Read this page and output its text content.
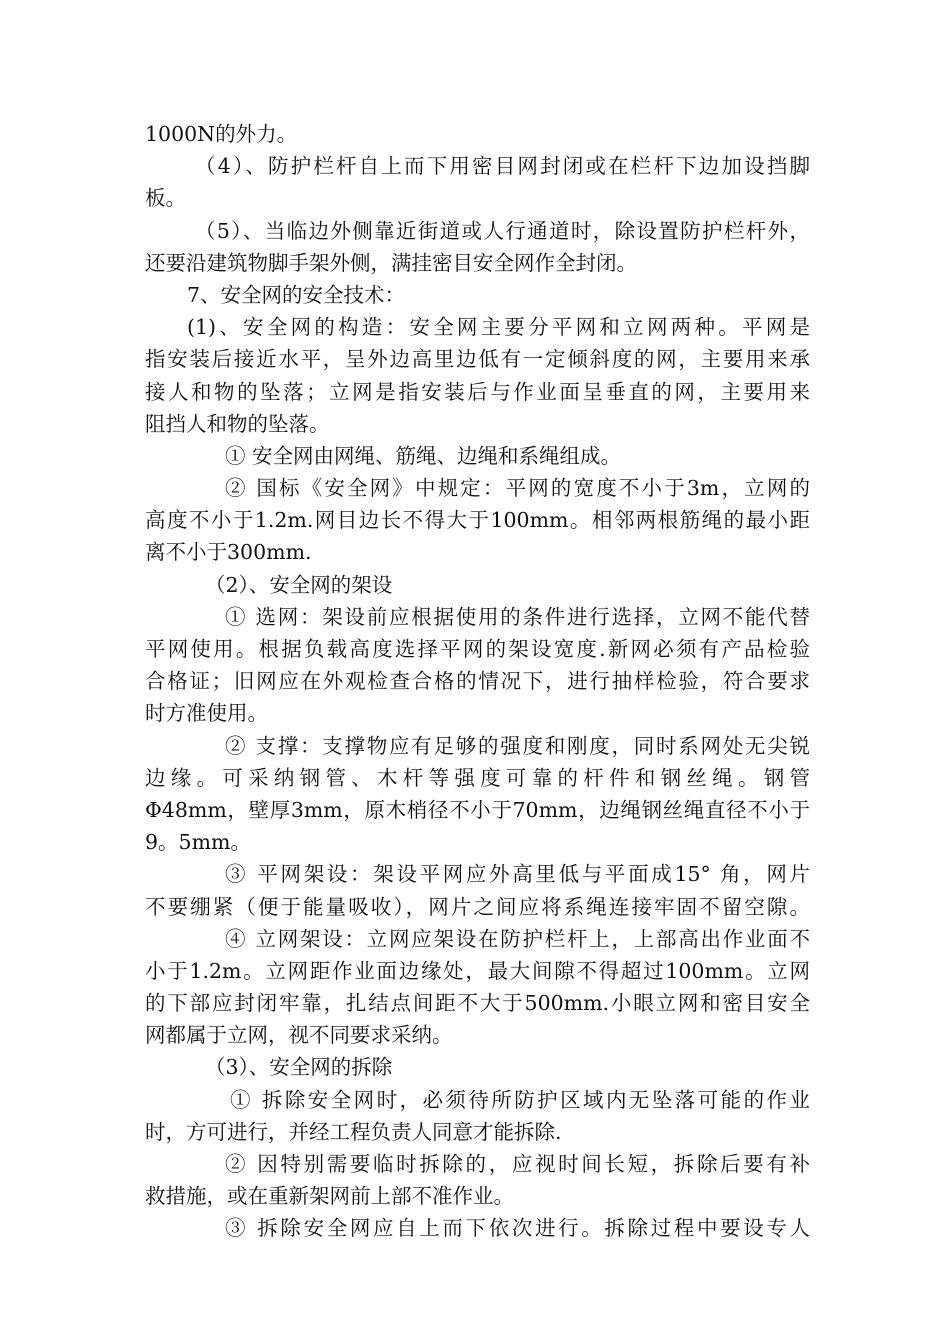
1000N的外力。
（4）、防护栏杆自上而下用密目网封闭或在栏杆下边加设挡脚
板。
（5）、当临边外侧靠近街道或人行通道时，除设置防护栏杆外，
还要沿建筑物脚手架外侧，满挂密目安全网作全封闭。
7、安全网的安全技术：
(1)、安全网的构造：安全网主要分平网和立网两种。平网是
指安装后接近水平，呈外边高里边低有一定倾斜度的网，主要用来承
接人和物的坠落；立网是指安装后与作业面呈垂直的网，主要用来
阻挡人和物的坠落。
① 安全网由网绳、筋绳、边绳和系绳组成。
② 国标《安全网》中规定：平网的宽度不小于3m，立网的
高度不小于1.2m.网目边长不得大于100mm。相邻两根筋绳的最小距
离不小于300mm.
（2）、安全网的架设
① 选网：架设前应根据使用的条件进行选择，立网不能代替
平网使用。根据负载高度选择平网的架设宽度.新网必须有产品检验
合格证；旧网应在外观检查合格的情况下，进行抽样检验，符合要求
时方准使用。
② 支撑：支撑物应有足够的强度和刚度，同时系网处无尖锐
边缘。可采纳钢管、木杆等强度可靠的杆件和钢丝绳。钢管
Φ48mm，壁厚3mm，原木梢径不小于70mm，边绳钢丝绳直径不小于
9。5mm。
③ 平网架设：架设平网应外高里低与平面成15° 角，网片
不要绷紧（便于能量吸收），网片之间应将系绳连接牢固不留空隙。
④ 立网架设：立网应架设在防护栏杆上，上部高出作业面不
小于1.2m。立网距作业面边缘处，最大间隙不得超过100mm。立网
的下部应封闭牢靠，扎结点间距不大于500mm.小眼立网和密目安全
网都属于立网，视不同要求采纳。
（3）、安全网的拆除
① 拆除安全网时，必须待所防护区域内无坠落可能的作业
时，方可进行，并经工程负责人同意才能拆除.
② 因特别需要临时拆除的，应视时间长短，拆除后要有补
救措施，或在重新架网前上部不准作业。
③ 拆除安全网应自上而下依次进行。拆除过程中要设专人
